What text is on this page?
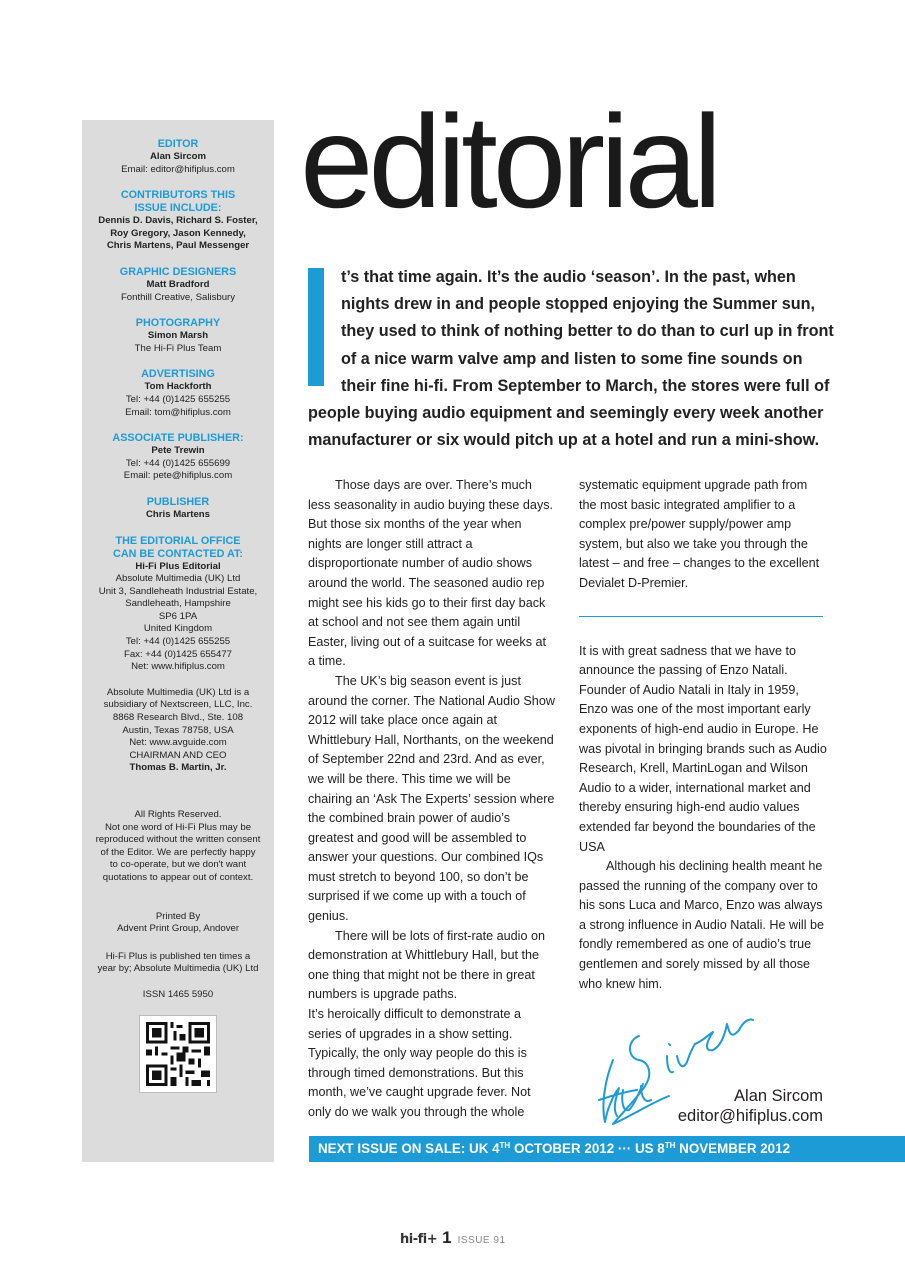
EDITOR
Alan Sircom
Email: editor@hifiplus.com
CONTRIBUTORS THIS
ISSUE INCLUDE:
Dennis D. Davis, Richard S. Foster,
Roy Gregory, Jason Kennedy,
Chris Martens, Paul Messenger
GRAPHIC DESIGNERS
Matt Bradford
Fonthill Creative, Salisbury
PHOTOGRAPHY
Simon Marsh
The Hi-Fi Plus Team
ADVERTISING
Tom Hackforth
Tel: +44 (0)1425 655255
Email: tom@hifiplus.com
ASSOCIATE PUBLISHER:
Pete Trewin
Tel: +44 (0)1425 655699
Email: pete@hifiplus.com
PUBLISHER
Chris Martens
THE EDITORIAL OFFICE
CAN BE CONTACTED AT:
Hi-Fi Plus Editorial
Absolute Multimedia (UK) Ltd
Unit 3, Sandleheath Industrial Estate,
Sandleheath, Hampshire
SP6 1PA
United Kingdom
Tel: +44 (0)1425 655255
Fax: +44 (0)1425 655477
Net: www.hifiplus.com
Absolute Multimedia (UK) Ltd is a
subsidiary of Nextscreen, LLC, Inc.
8868 Research Blvd., Ste. 108
Austin, Texas 78758, USA
Net: www.avguide.com
CHAIRMAN AND CEO
Thomas B. Martin, Jr.
All Rights Reserved.
Not one word of Hi-Fi Plus may be
reproduced without the written consent
of the Editor. We are perfectly happy
to co-operate, but we don't want
quotations to appear out of context.
Printed By
Advent Print Group, Andover
Hi-Fi Plus is published ten times a
year by; Absolute Multimedia (UK) Ltd
ISSN 1465 5950
editorial
t’s that time again. It’s the audio ‘season’. In the past, when
nights drew in and people stopped enjoying the Summer sun,
they used to think of nothing better to do than to curl up in front
of a nice warm valve amp and listen to some fine sounds on
their fine hi-fi. From September to March, the stores were full of
people buying audio equipment and seemingly every week another
manufacturer or six would pitch up at a hotel and run a mini-show.

Those days are over. There’s much less seasonality in audio buying these days. But those six months of the year when nights are longer still attract a disproportionate number of audio shows around the world. The seasoned audio rep might see his kids go to their first day back at school and not see them again until Easter, living out of a suitcase for weeks at a time.

The UK’s big season event is just around the corner. The National Audio Show 2012 will take place once again at Whittlebury Hall, Northants, on the weekend of September 22nd and 23rd. And as ever, we will be there. This time we will be chairing an ‘Ask The Experts’ session where the combined brain power of audio’s greatest and good will be assembled to answer your questions. Our combined IQs must stretch to beyond 100, so don’t be surprised if we come up with a touch of genius.

There will be lots of first-rate audio on demonstration at Whittlebury Hall, but the one thing that might not be there in great numbers is upgrade paths.

It’s heroically difficult to demonstrate a series of upgrades in a show setting. Typically, the only way people do this is through timed demonstrations. But this month, we’ve caught upgrade fever. Not only do we walk you through the whole

systematic equipment upgrade path from the most basic integrated amplifier to a complex pre/power supply/power amp system, but also we take you through the latest – and free – changes to the excellent Devialet D-Premier.

It is with great sadness that we have to announce the passing of Enzo Natali. Founder of Audio Natali in Italy in 1959, Enzo was one of the most important early exponents of high-end audio in Europe. He was pivotal in bringing brands such as Audio Research, Krell, MartinLogan and Wilson Audio to a wider, international market and thereby ensuring high-end audio values extended far beyond the boundaries of the USA

Although his declining health meant he passed the running of the company over to his sons Luca and Marco, Enzo was always a strong influence in Audio Natali. He will be fondly remembered as one of audio’s true gentlemen and sorely missed by all those who knew him.

Alan Sircom
editor@hifiplus.com
NEXT ISSUE ON SALE: UK 4TH OCTOBER 2012 ··· US 8TH NOVEMBER 2012
hi-fi+ 1 ISSUE 91
